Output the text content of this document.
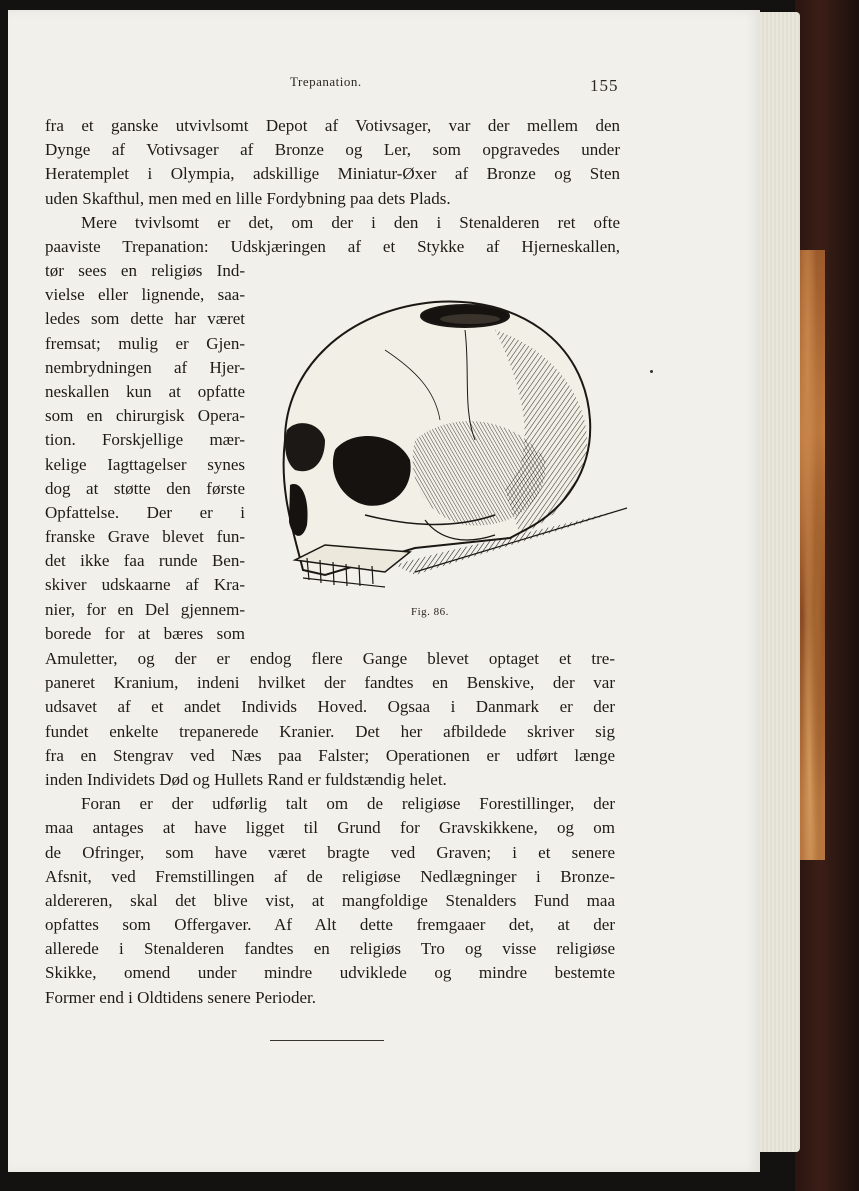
Trepanation.	155
fra et ganske utvivlsomt Depot af Votivsager, var der mellem den
Dynge af Votivsager af Bronze og Ler, som opgravedes under
Heratemplet i Olympia, adskillige Miniatur-Øxer af Bronze og Sten
uden Skafthul, men med en lille Fordybning paa dets Plads.
Mere tvivlsomt er det, om der i den i Stenalderen ret ofte
paaviste Trepanation: Udskjæringen af et Stykke af Hjerneskallen,
tør sees en religiøs Ind-
vielse eller lignende, saa-
ledes som dette har været
fremsat; mulig er Gjen-
nembrydningen af Hjer-
neskallen kun at opfatte
som en chirurgisk Opera-
tion. Forskjellige mær-
kelige Iagttagelser synes
dog at støtte den første
Opfattelse. Der er i
franske Grave blevet fun-
det ikke faa runde Ben-
skiver udskaarne af Kra-
nier, for en Del gjennem-
borede for at bæres som
Fig. 86.
Amuletter, og der er endog flere Gange blevet optaget et tre-
paneret Kranium, indeni hvilket der fandtes en Benskive, der var
udsavet af et andet Individs Hoved. Ogsaa i Danmark er der
fundet enkelte trepanerede Kranier. Det her afbildede skriver sig
fra en Stengrav ved Næs paa Falster; Operationen er udført længe
inden Individets Død og Hullets Rand er fuldstændig helet.
Foran er der udførlig talt om de religiøse Forestillinger, der
maa antages at have ligget til Grund for Gravskikkene, og om
de Ofringer, som have været bragte ved Graven; i et senere
Afsnit, ved Fremstillingen af de religiøse Nedlægninger i Bronze-
aldereren, skal det blive vist, at mangfoldige Stenalders Fund maa
opfattes som Offergaver. Af Alt dette fremgaaer det, at der
allerede i Stenalderen fandtes en religiøs Tro og visse religiøse
Skikke, omend under mindre udviklede og mindre bestemte
Former end i Oldtidens senere Perioder.
